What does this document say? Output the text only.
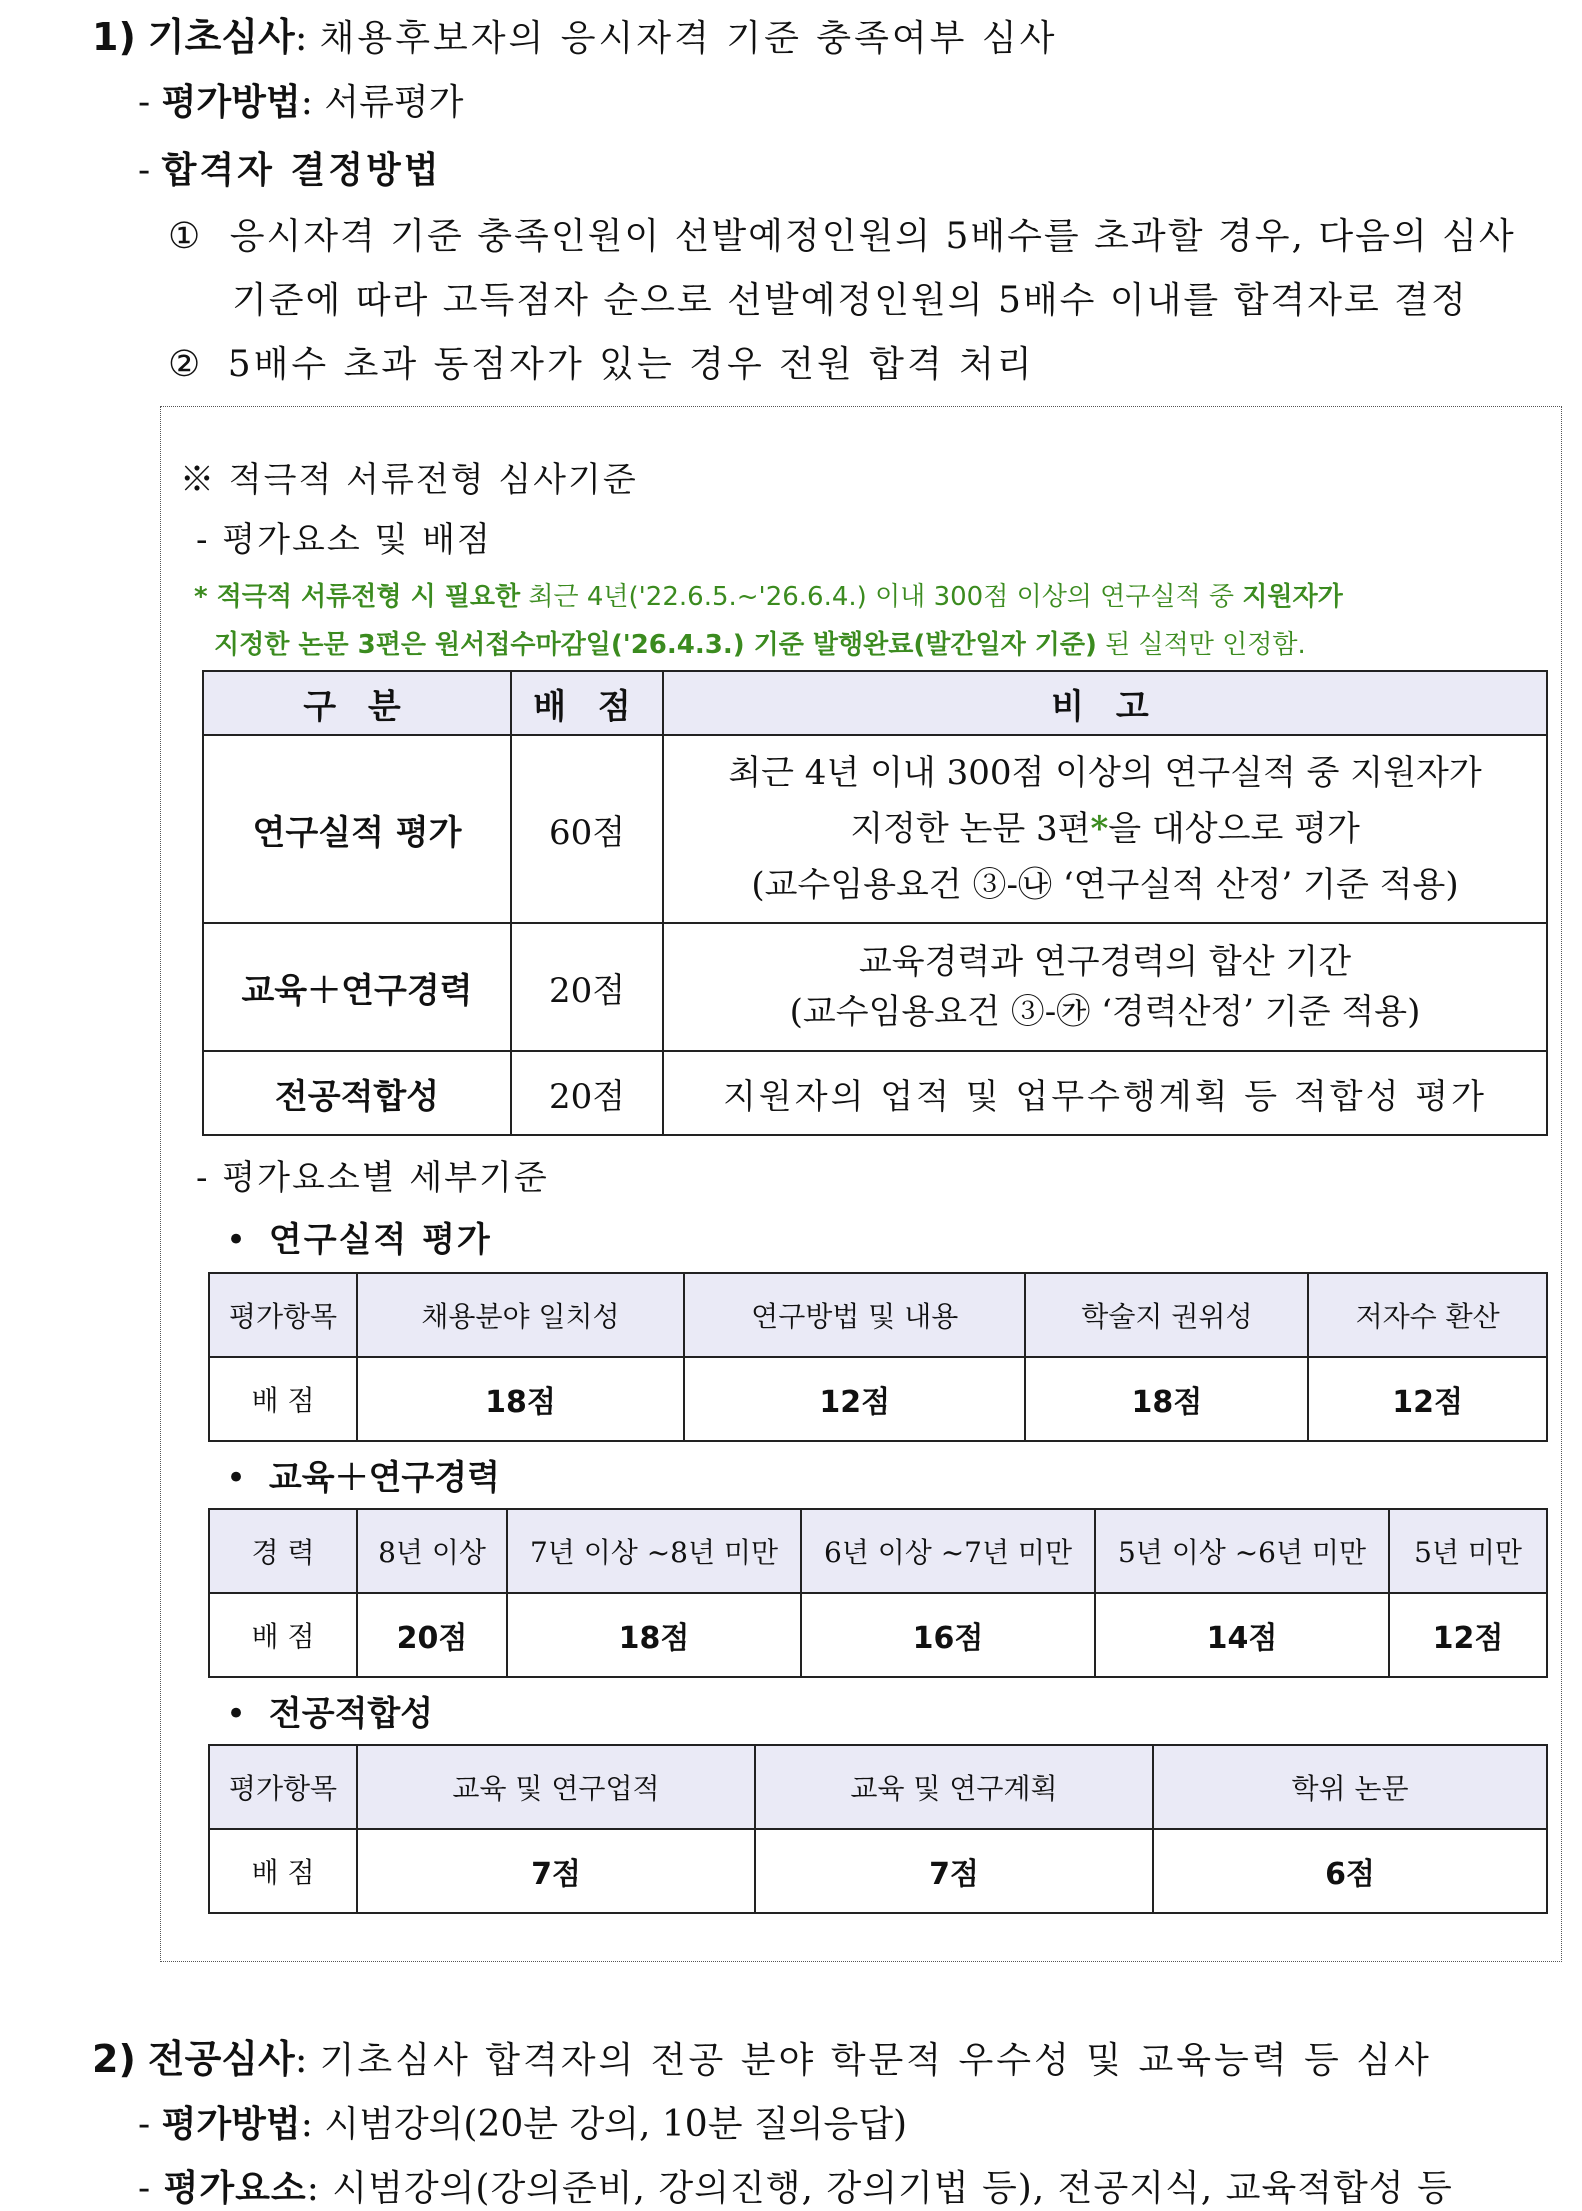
1) 기초심사: 채용후보자의 응시자격 기준 충족여부 심사
- 평가방법: 서류평가
- 합격자 결정방법
① 응시자격 기준 충족인원이 선발예정인원의 5배수를 초과할 경우, 다음의 심사
기준에 따라 고득점자 순으로 선발예정인원의 5배수 이내를 합격자로 결정
② 5배수 초과 동점자가 있는 경우 전원 합격 처리
※ 적극적 서류전형 심사기준
- 평가요소 및 배점
* 적극적 서류전형 시 필요한 최근 4년('22.6.5.~'26.6.4.) 이내 300점 이상의 연구실적 중 지원자가
지정한 논문 3편은 원서접수마감일('26.4.3.) 기준 발행완료(발간일자 기준) 된 실적만 인정함.
구 분	배 점	비 고
연구실적 평가	60점	최근 4년 이내 300점 이상의 연구실적 중 지원자가
지정한 논문 3편*을 대상으로 평가
(교수임용요건 ③-㉯ ‘연구실적 산정’ 기준 적용)

교육＋연구경력	20점	교육경력과 연구경력의 합산 기간
(교수임용요건 ③-㉮ ‘경력산정’ 기준 적용)

전공적합성	20점	지원자의 업적 및 업무수행계획 등 적합성 평가
- 평가요소별 세부기준
• 연구실적 평가
평가항목	채용분야 일치성	연구방법 및 내용	학술지 권위성	저자수 환산
배 점	18점	12점	18점	12점
• 교육＋연구경력
경 력	8년 이상	7년 이상 ~8년 미만	6년 이상 ~7년 미만	5년 이상 ~6년 미만	5년 미만
배 점	20점	18점	16점	14점	12점
• 전공적합성
평가항목	교육 및 연구업적	교육 및 연구계획	학위 논문
배 점	7점	7점	6점
2) 전공심사: 기초심사 합격자의 전공 분야 학문적 우수성 및 교육능력 등 심사
- 평가방법: 시범강의(20분 강의, 10분 질의응답)
- 평가요소: 시범강의(강의준비, 강의진행, 강의기법 등), 전공지식, 교육적합성 등
